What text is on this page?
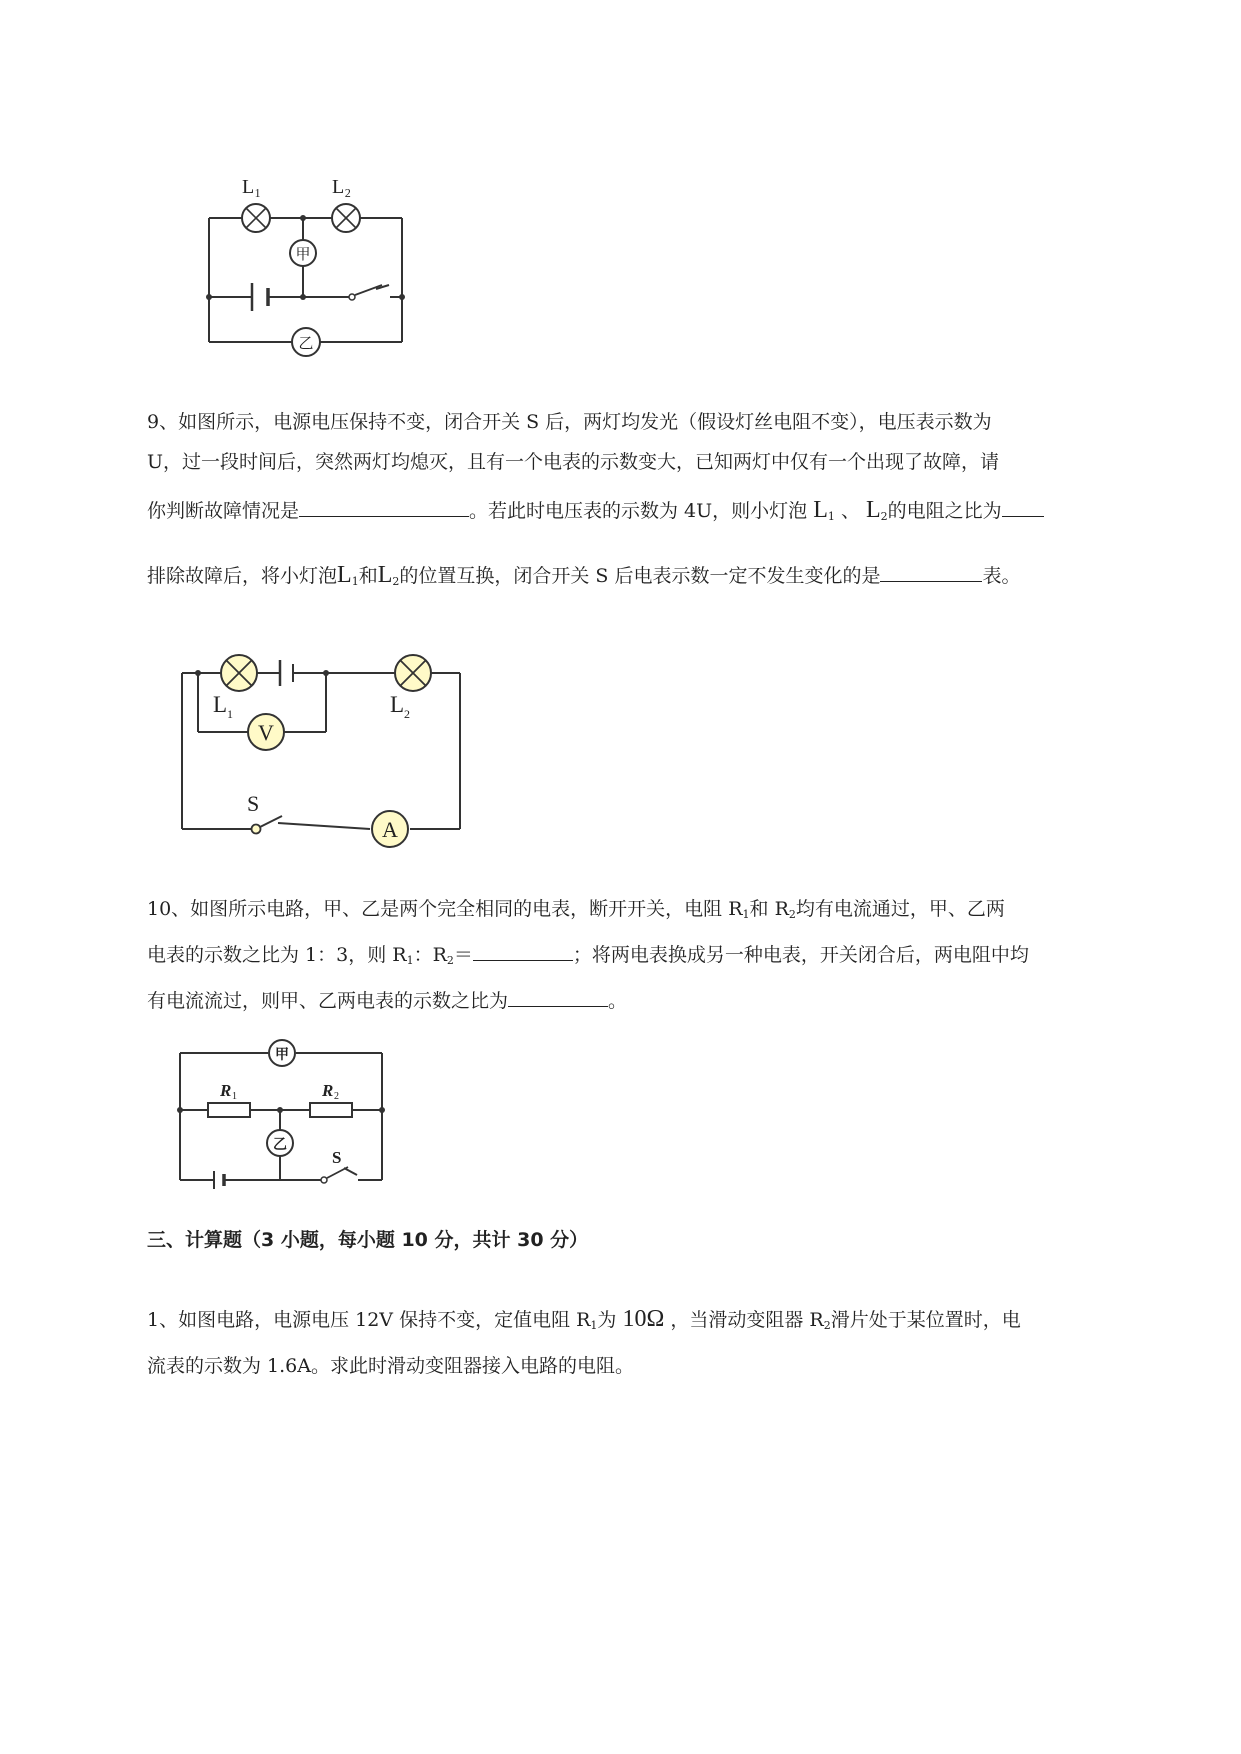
L₁	L₂
甲
乙
9、如图所示，电源电压保持不变，闭合开关 S 后，两灯均发光（假设灯丝电阻不变），电压表示数为
U，过一段时间后，突然两灯均熄灭，且有一个电表的示数变大，已知两灯中仅有一个出现了故障，请
你判断故障情况是	。若此时电压表的示数为 4U，则小灯泡 $L_1$ 、 $L_2$的电阻之比为
排除故障后，将小灯泡$L_1$和$L_2$的位置互换，闭合开关 S 后电表示数一定不发生变化的是	表。
L 1	L 2
V
S
A
10、如图所示电路，甲、乙是两个完全相同的电表，断开开关，电阻 $R_1$和 $R_2$均有电流通过，甲、乙两
电表的示数之比为 1：3，则 $R_1$：$R_2=$	；将两电表换成另一种电表，开关闭合后，两电阻中均
有电流流过，则甲、乙两电表的示数之比为	。
R 1	R 2
甲
乙
S
三、计算题（3 小题，每小题 10 分，共计 30 分）
1、如图电路，电源电压 12V 保持不变，定值电阻 $R_1$为 10Ω ，当滑动变阻器 $R_2$滑片处于某位置时，电
流表的示数为 1.6A。求此时滑动变阻器接入电路的电阻。
